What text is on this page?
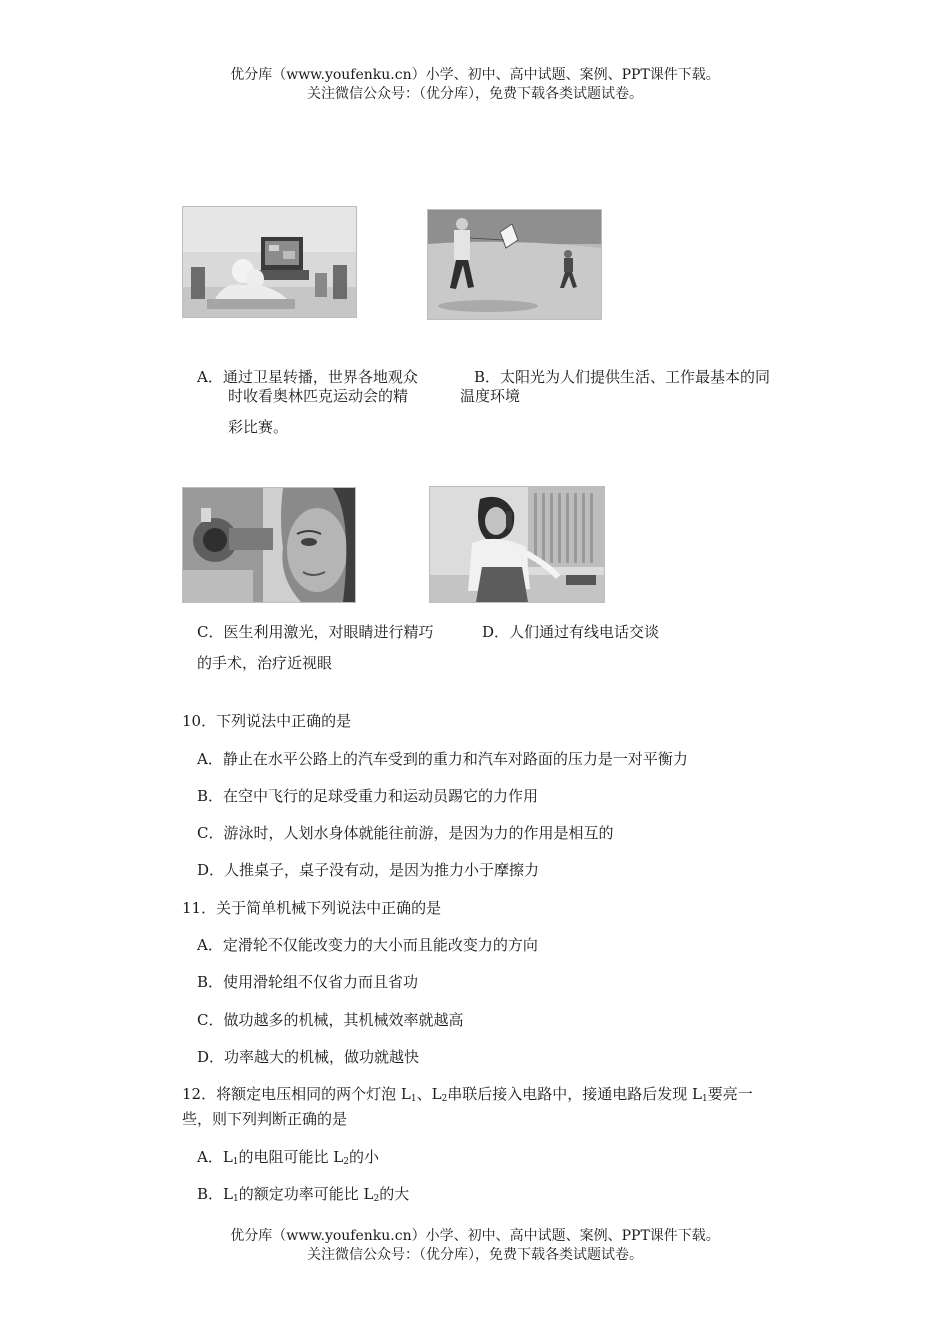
优分库（www.youfenku.cn）小学、初中、高中试题、案例、PPT课件下载。
关注微信公众号：（优分库），免费下载各类试题试卷。
A．通过卫星转播，世界各地观众
时收看奥林匹克运动会的精
彩比赛。
B．太阳光为人们提供生活、工作最基本的同
温度环境
C．医生利用激光，对眼睛进行精巧
的手术，治疗近视眼
D．人们通过有线电话交谈
10．下列说法中正确的是
A．静止在水平公路上的汽车受到的重力和汽车对路面的压力是一对平衡力
B．在空中飞行的足球受重力和运动员踢它的力作用
C．游泳时，人划水身体就能往前游，是因为力的作用是相互的
D．人推桌子，桌子没有动，是因为推力小于摩擦力
11．关于简单机械下列说法中正确的是
A．定滑轮不仅能改变力的大小而且能改变力的方向
B．使用滑轮组不仅省力而且省功
C．做功越多的机械，其机械效率就越高
D．功率越大的机械，做功就越快
12．将额定电压相同的两个灯泡 $L_1$、$L_2$串联后接入电路中，接通电路后发现 $L_1$要亮一
些，则下列判断正确的是
A．$L_1$的电阻可能比 $L_2$的小
B．$L_1$的额定功率可能比 $L_2$的大
优分库（www.youfenku.cn）小学、初中、高中试题、案例、PPT课件下载。
关注微信公众号：（优分库），免费下载各类试题试卷。
